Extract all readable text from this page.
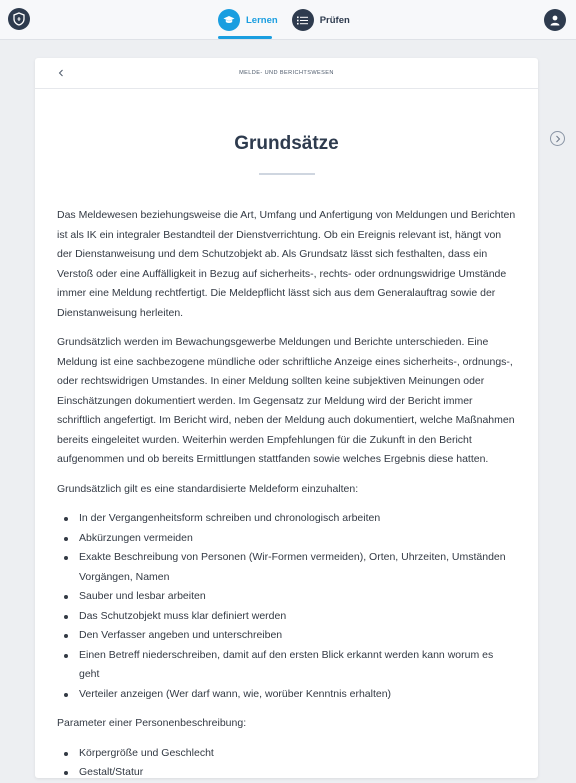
Lernen	Prüfen
MELDE- UND BERICHTSWESEN
Grundsätze

Das Meldewesen beziehungsweise die Art, Umfang und Anfertigung von Meldungen und Berichten ist als IK ein integraler Bestandteil der Dienstverrichtung. Ob ein Ereignis relevant ist, hängt von der Dienstanweisung und dem Schutzobjekt ab. Als Grundsatz lässt sich festhalten, dass ein Verstoß oder eine Auffälligkeit in Bezug auf sicherheits-, rechts- oder ordnungswidrige Umstände immer eine Meldung rechtfertigt. Die Meldepflicht lässt sich aus dem Generalauftrag sowie der Dienstanweisung herleiten.

Grundsätzlich werden im Bewachungsgewerbe Meldungen und Berichte unterschieden. Eine Meldung ist eine sachbezogene mündliche oder schriftliche Anzeige eines sicherheits-, ordnungs-, oder rechtswidrigen Umstandes. In einer Meldung sollten keine subjektiven Meinungen oder Einschätzungen dokumentiert werden. Im Gegensatz zur Meldung wird der Bericht immer schriftlich angefertigt. Im Bericht wird, neben der Meldung auch dokumentiert, welche Maßnahmen bereits eingeleitet wurden. Weiterhin werden Empfehlungen für die Zukunft in den Bericht aufgenommen und ob bereits Ermittlungen stattfanden sowie welches Ergebnis diese hatten.

Grundsätzlich gilt es eine standardisierte Meldeform einzuhalten:

In der Vergangenheitsform schreiben und chronologisch arbeiten
Abkürzungen vermeiden
Exakte Beschreibung von Personen (Wir-Formen vermeiden), Orten, Uhrzeiten, Umständen Vorgängen, Namen
Sauber und lesbar arbeiten
Das Schutzobjekt muss klar definiert werden
Den Verfasser angeben und unterschreiben
Einen Betreff niederschreiben, damit auf den ersten Blick erkannt werden kann worum es geht
Verteiler anzeigen (Wer darf wann, wie, worüber Kenntnis erhalten)

Parameter einer Personenbeschreibung:

Körpergröße und Geschlecht
Gestalt/Statur
